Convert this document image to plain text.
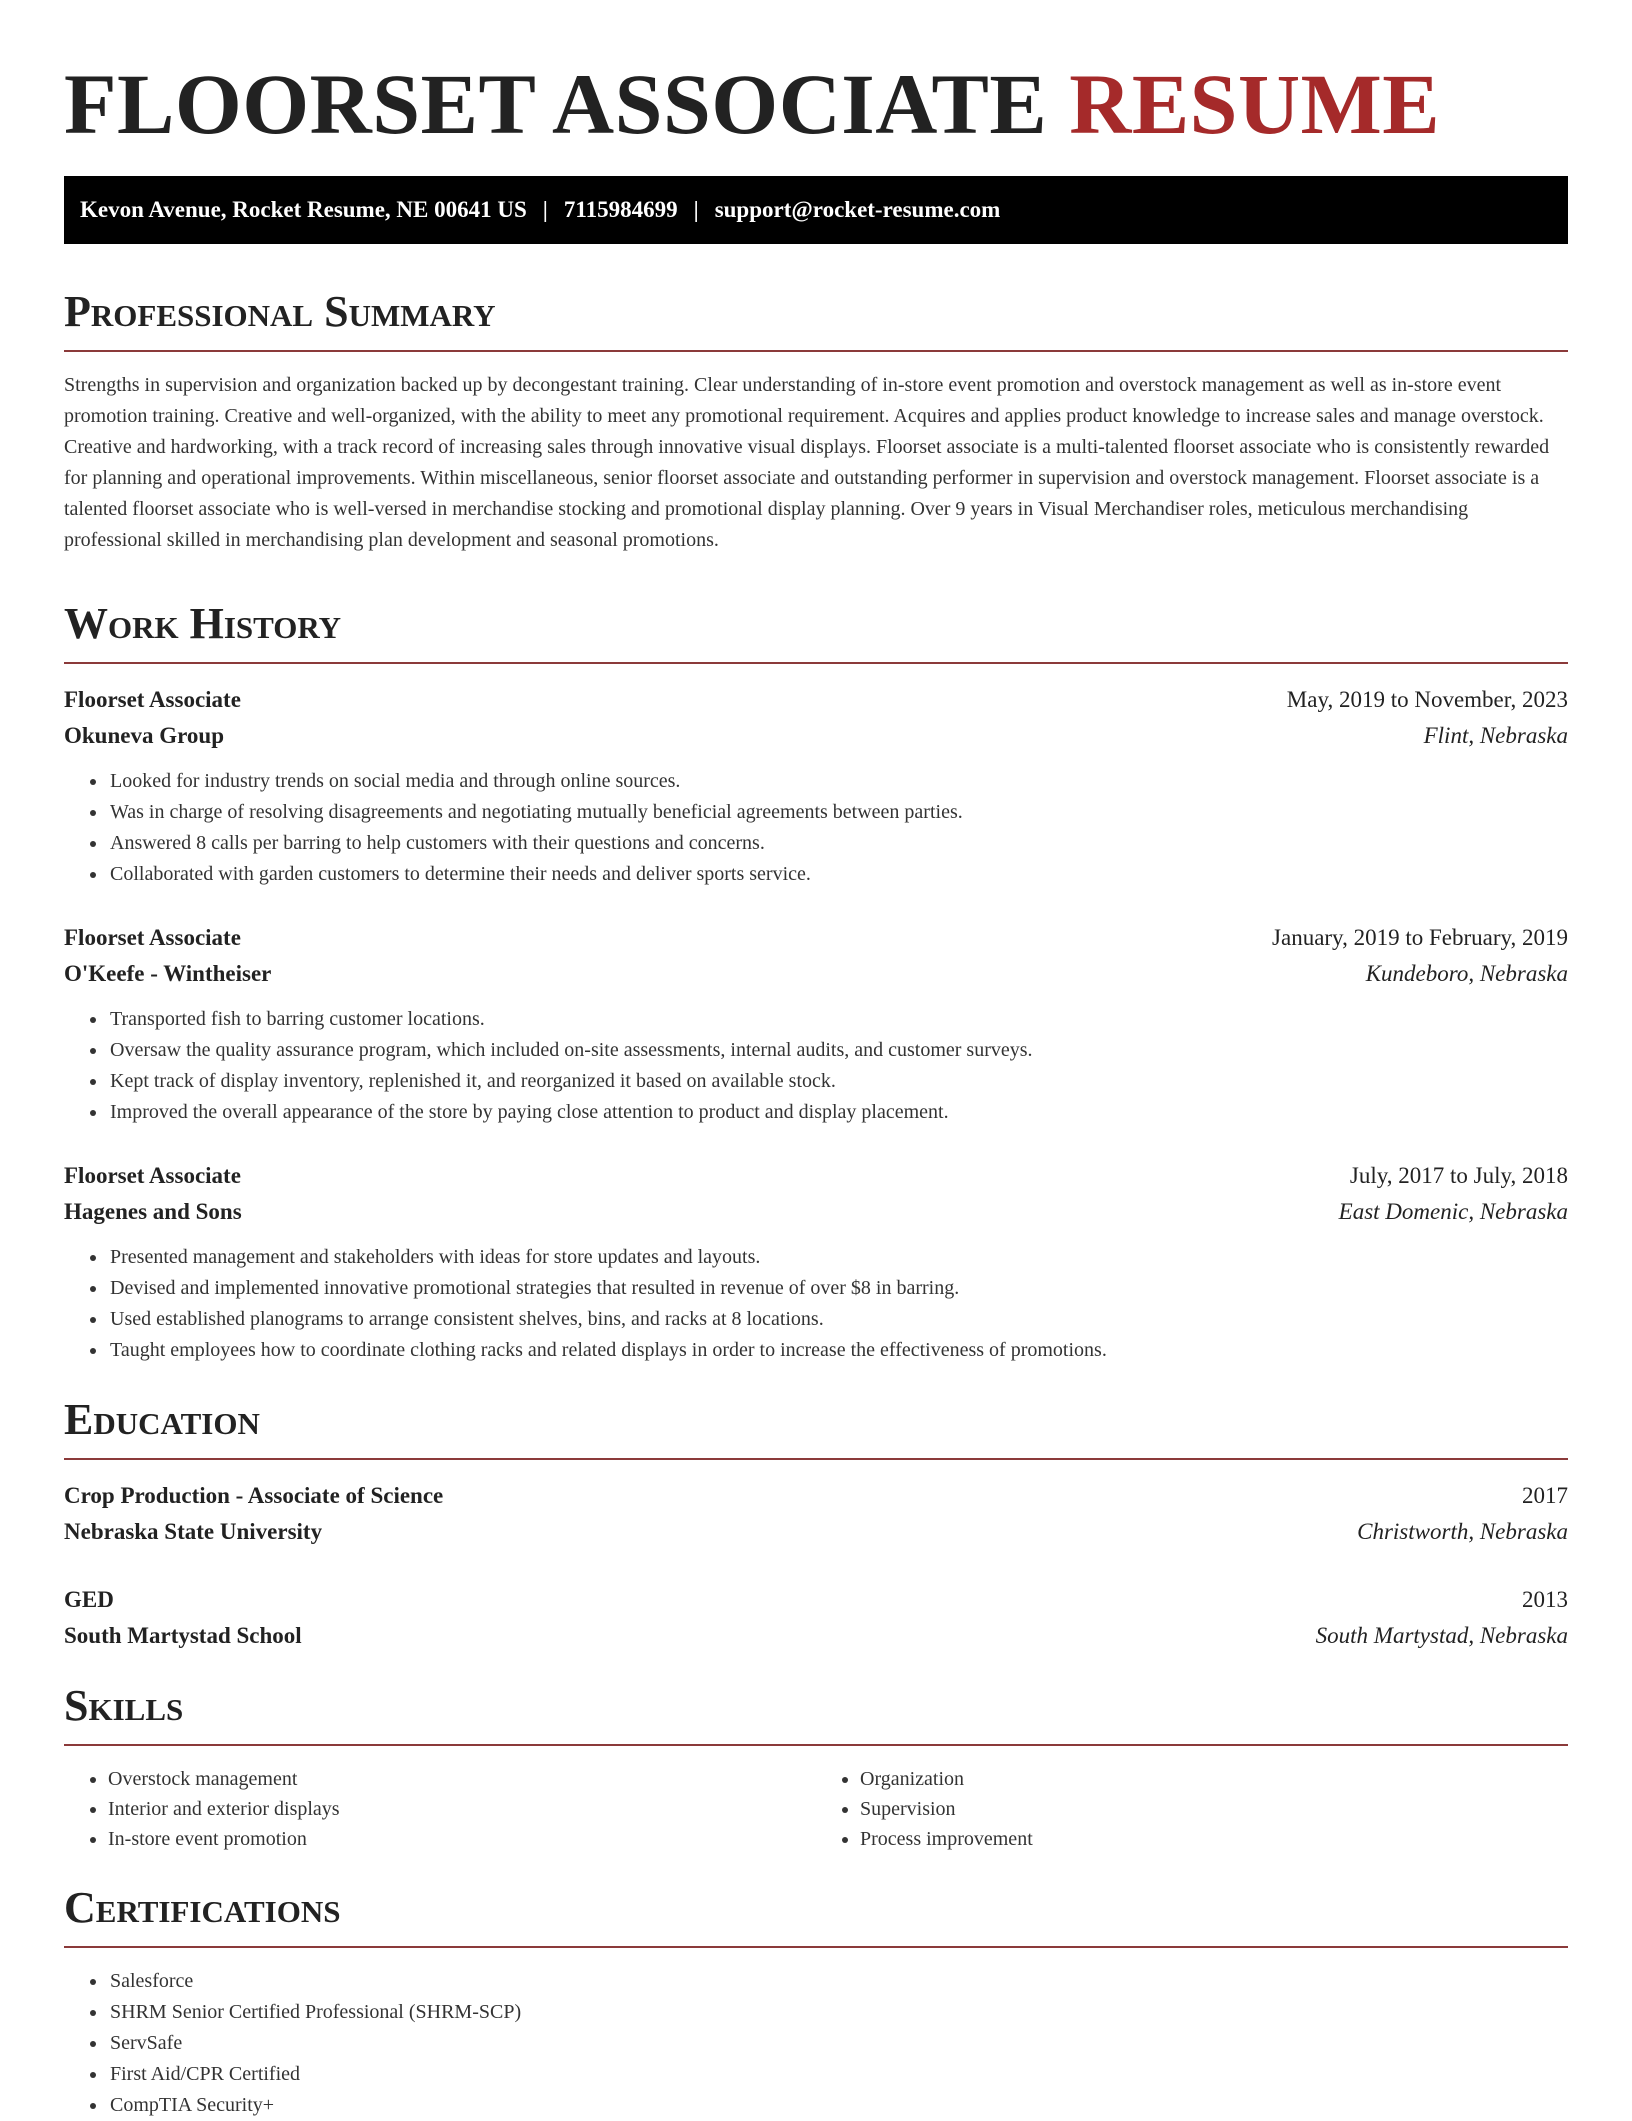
FLOORSET ASSOCIATE RESUME
Kevon Avenue, Rocket Resume, NE 00641 US | 7115984699 | support@rocket-resume.com
Professional Summary

Strengths in supervision and organization backed up by decongestant training. Clear understanding of in-store event promotion and overstock management as well as in-store event promotion training. Creative and well-organized, with the ability to meet any promotional requirement. Acquires and applies product knowledge to increase sales and manage overstock. Creative and hardworking, with a track record of increasing sales through innovative visual displays. Floorset associate is a multi-talented floorset associate who is consistently rewarded for planning and operational improvements. Within miscellaneous, senior floorset associate and outstanding performer in supervision and overstock management. Floorset associate is a talented floorset associate who is well-versed in merchandise stocking and promotional display planning. Over 9 years in Visual Merchandiser roles, meticulous merchandising professional skilled in merchandising plan development and seasonal promotions.

Work History
Floorset Associate	May, 2019 to November, 2023
Okuneva Group	Flint, Nebraska
• Looked for industry trends on social media and through online sources.
• Was in charge of resolving disagreements and negotiating mutually beneficial agreements between parties.
• Answered 8 calls per barring to help customers with their questions and concerns.
• Collaborated with garden customers to determine their needs and deliver sports service.
Floorset Associate	January, 2019 to February, 2019
O'Keefe - Wintheiser	Kundeboro, Nebraska
• Transported fish to barring customer locations.
• Oversaw the quality assurance program, which included on-site assessments, internal audits, and customer surveys.
• Kept track of display inventory, replenished it, and reorganized it based on available stock.
• Improved the overall appearance of the store by paying close attention to product and display placement.
Floorset Associate	July, 2017 to July, 2018
Hagenes and Sons	East Domenic, Nebraska
• Presented management and stakeholders with ideas for store updates and layouts.
• Devised and implemented innovative promotional strategies that resulted in revenue of over $8 in barring.
• Used established planograms to arrange consistent shelves, bins, and racks at 8 locations.
• Taught employees how to coordinate clothing racks and related displays in order to increase the effectiveness of promotions.
Education
Crop Production - Associate of Science	2017
Nebraska State University	Christworth, Nebraska
GED	2013
South Martystad School	South Martystad, Nebraska
Skills
• Overstock management
• Interior and exterior displays
• In-store event promotion
• Organization
• Supervision
• Process improvement
Certifications
• Salesforce
• SHRM Senior Certified Professional (SHRM-SCP)
• ServSafe
• First Aid/CPR Certified
• CompTIA Security+
